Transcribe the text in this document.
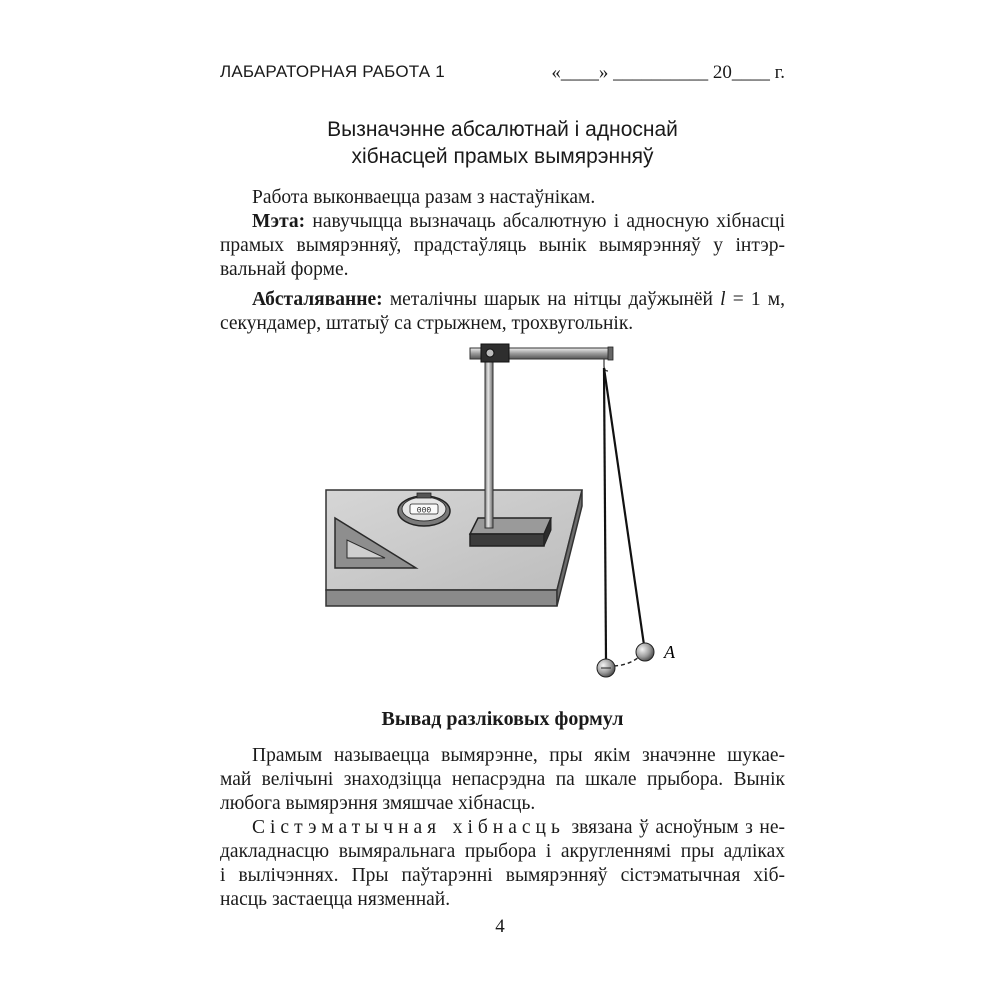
ЛАБАРАТОРНАЯ РАБОТА 1	«____» __________ 20____ г.
Вызначэнне абсалютнай і адноснай
хібнасцей прамых вымярэнняў

Работа выконваецца разам з настаўнікам.

Мэта: навучыцца вызначаць абсалютную і адносную хібнасці
прамых вымярэнняў, прадстаўляць вынік вымярэнняў у інтэр-
вальнай форме.
Абсталяванне: металічны шарык на нітцы даўжынёй l = 1 м,
секундамер, штатыў са стрыжнем, трохвугольнік.
000
A
Вывад разліковых формул
Прамым называецца вымярэнне, пры якім значэнне шукае-
май велічыні знаходзіцца непасрэдна па шкале прыбора. Вынік
любога вымярэння змяшчае хібнасць.
Сістэматычная хібнасць звязана ў асноўным з не-
дакладнасцю вымяральнага прыбора і акругленнямі пры адліках
і вылічэннях. Пры паўтарэнні вымярэнняў сістэматычная хіб-
насць застаецца нязменнай.
4
